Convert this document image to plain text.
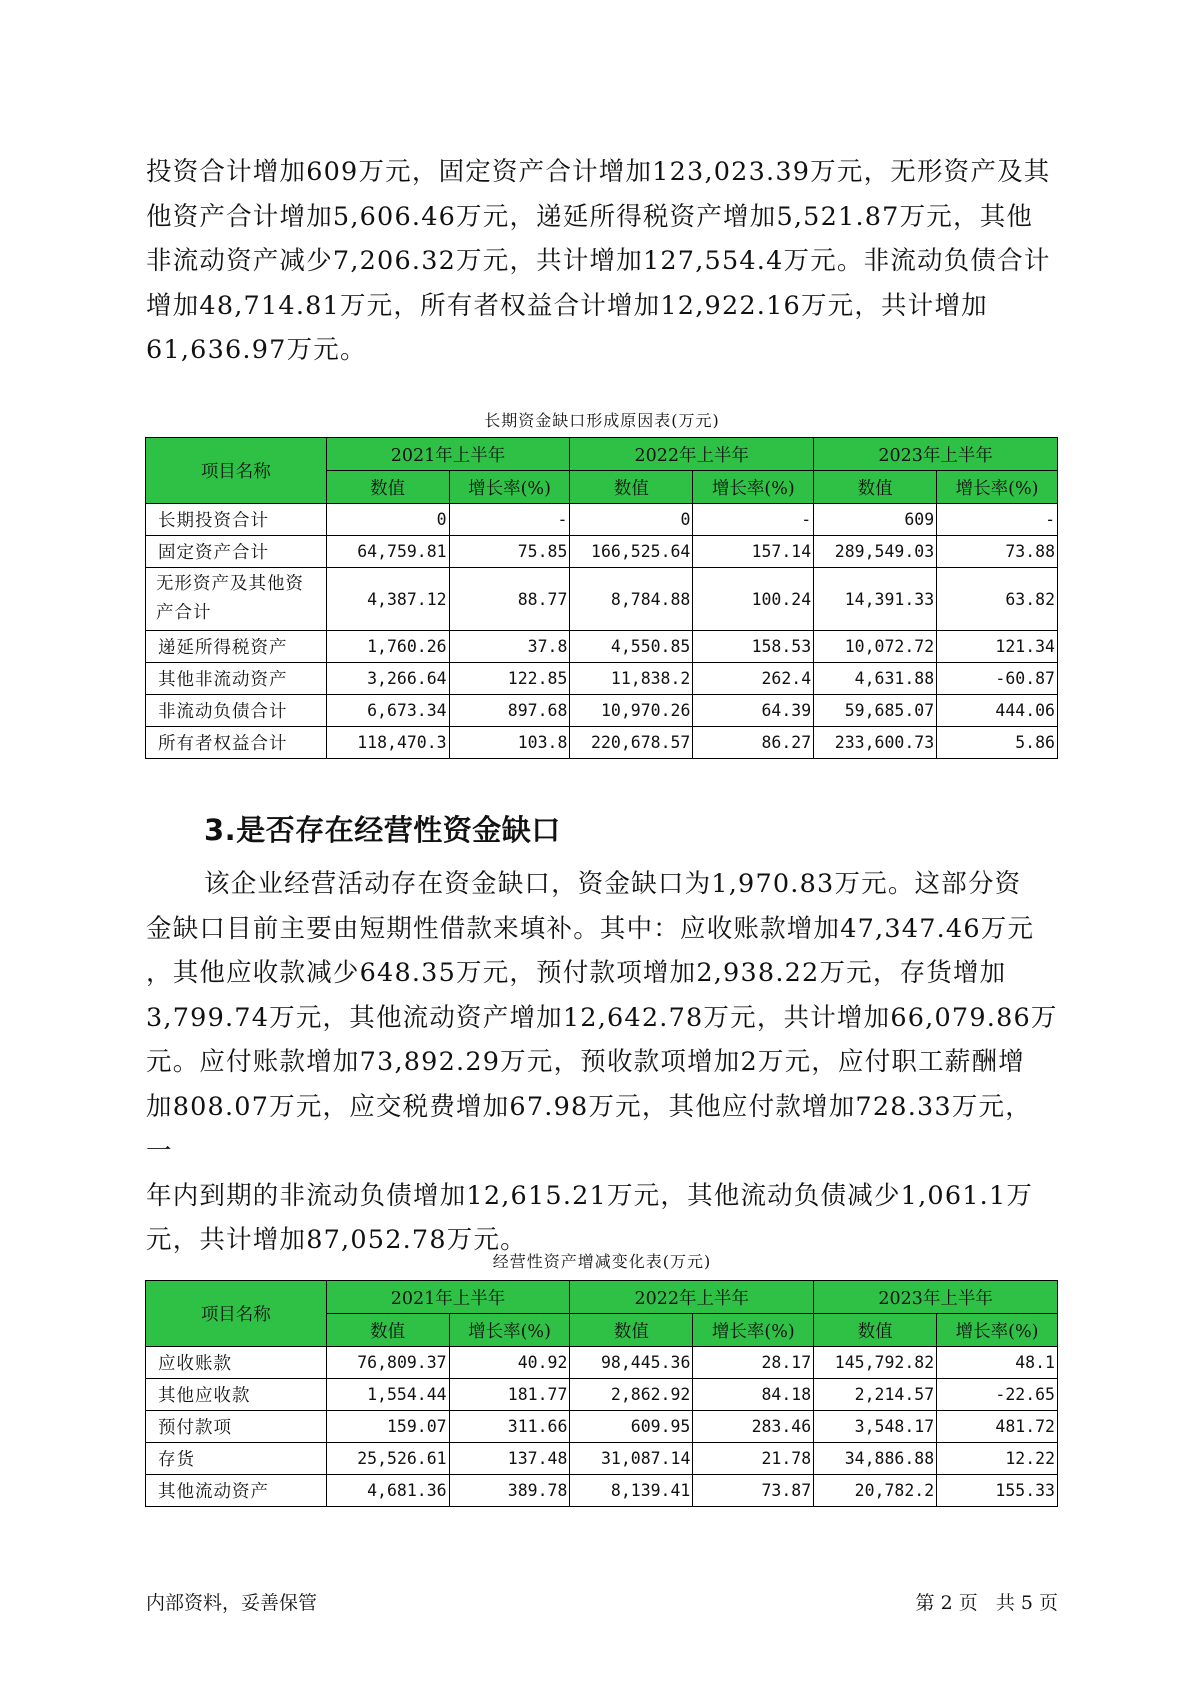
投资合计增加609万元，固定资产合计增加123,023.39万元，无形资产及其

他资产合计增加5,606.46万元，递延所得税资产增加5,521.87万元，其他

非流动资产减少7,206.32万元，共计增加127,554.4万元。非流动负债合计

增加48,714.81万元，所有者权益合计增加12,922.16万元，共计增加

61,636.97万元。

长期资金缺口形成原因表(万元)
项目名称	2021年上半年		2022年上半年		2023年上半年	
	数值	增长率(%)	数值	增长率(%)	数值	增长率(%)
长期投资合计	0	-	0	-	609	-
固定资产合计	64,759.81	75.85	166,525.64	157.14	289,549.03	73.88
无形资产及其他资产合计	4,387.12	88.77	8,784.88	100.24	14,391.33	63.82
递延所得税资产	1,760.26	37.8	4,550.85	158.53	10,072.72	121.34
其他非流动资产	3,266.64	122.85	11,838.2	262.4	4,631.88	-60.87
非流动负债合计	6,673.34	897.68	10,970.26	64.39	59,685.07	444.06
所有者权益合计	118,470.3	103.8	220,678.57	86.27	233,600.73	5.86
3.是否存在经营性资金缺口

该企业经营活动存在资金缺口，资金缺口为1,970.83万元。这部分资

金缺口目前主要由短期性借款来填补。其中：应收账款增加47,347.46万元

，其他应收款减少648.35万元，预付款项增加2,938.22万元，存货增加

3,799.74万元，其他流动资产增加12,642.78万元，共计增加66,079.86万

元。应付账款增加73,892.29万元，预收款项增加2万元，应付职工薪酬增

加808.07万元，应交税费增加67.98万元，其他应付款增加728.33万元，一

年内到期的非流动负债增加12,615.21万元，其他流动负债减少1,061.1万

元，共计增加87,052.78万元。

经营性资产增减变化表(万元)
项目名称	2021年上半年		2022年上半年		2023年上半年	
	数值	增长率(%)	数值	增长率(%)	数值	增长率(%)
应收账款	76,809.37	40.92	98,445.36	28.17	145,792.82	48.1
其他应收款	1,554.44	181.77	2,862.92	84.18	2,214.57	-22.65
预付款项	159.07	311.66	609.95	283.46	3,548.17	481.72
存货	25,526.61	137.48	31,087.14	21.78	34,886.88	12.22
其他流动资产	4,681.36	389.78	8,139.41	73.87	20,782.2	155.33
内部资料，妥善保管	第 2 页   共 5 页
